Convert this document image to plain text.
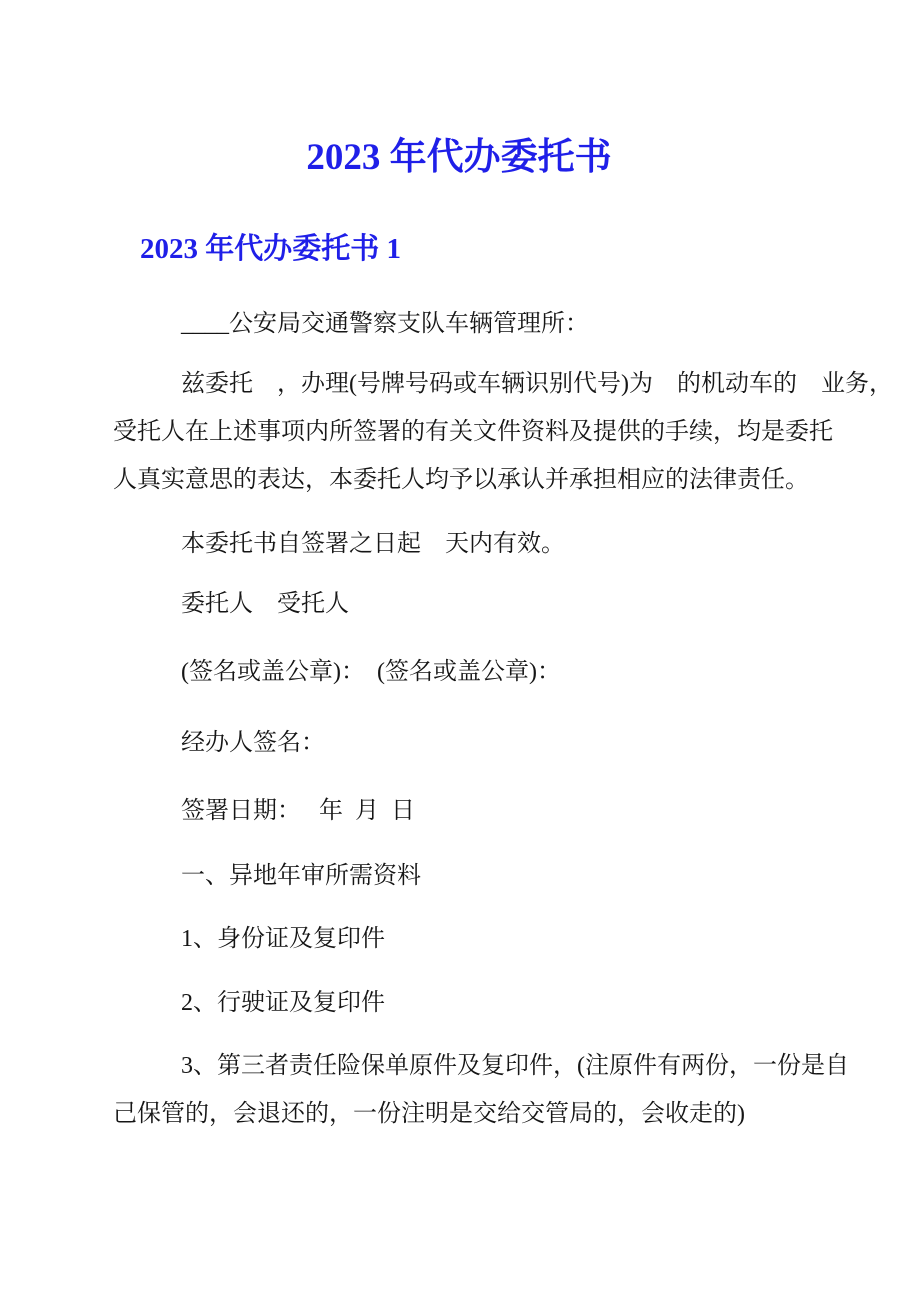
2023 年代办委托书
2023 年代办委托书 1
____公安局交通警察支队车辆管理所：
兹委托　，办理(号牌号码或车辆识别代号)为　的机动车的　业务，
受托人在上述事项内所签署的有关文件资料及提供的手续，均是委托
人真实意思的表达，本委托人均予以承认并承担相应的法律责任。
本委托书自签署之日起　天内有效。
委托人　受托人
(签名或盖公章)：　(签名或盖公章)：
经办人签名：
签署日期：　 年  月  日
一、异地年审所需资料
1、身份证及复印件
2、行驶证及复印件
3、第三者责任险保单原件及复印件，(注原件有两份，一份是自
己保管的，会退还的，一份注明是交给交管局的，会收走的)
